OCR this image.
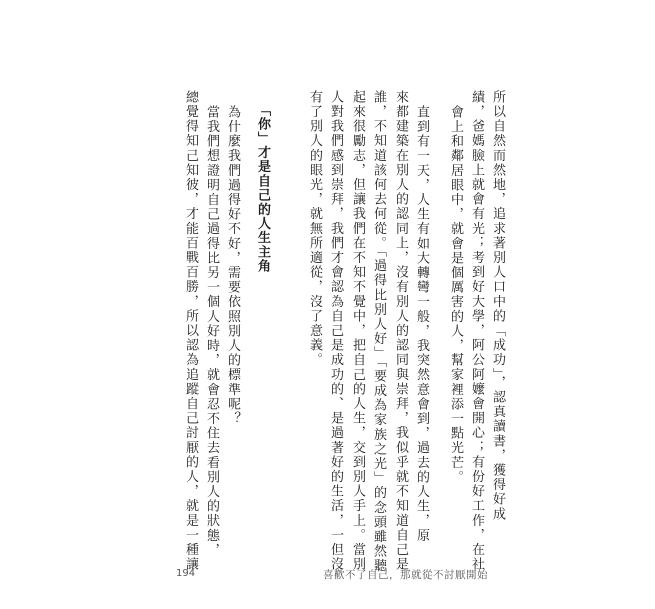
所以自然而然地，追求著別人口中的「成功」，認真讀書，獲得好成
績，爸媽臉上就會有光；考到好大學，阿公阿嬤會開心；有份好工作，在社
會上和鄰居眼中，就會是個厲害的人，幫家裡添一點光芒。
直到有一天，人生有如大轉彎一般，我突然意會到，過去的人生，原
來都建築在別人的認同上，沒有別人的認同與崇拜，我似乎就不知道自己是
誰，不知道該何去何從。「過得比別人好」「要成為家族之光」的念頭雖然聽
起來很勵志，但讓我們在不知不覺中，把自己的人生，交到別人手上。當別
人對我們感到崇拜，我們才會認為自己是成功的、是過著好的生活，一但沒
有了別人的眼光，就無所適從，沒了意義。
「你」才是自己的人生主角
為什麼我們過得好不好，需要依照別人的標準呢？
當我們想證明自己過得比另一個人好時，就會忍不住去看別人的狀態，
總覺得知己知彼，才能百戰百勝，所以認為追蹤自己討厭的人，就是一種讓
194	喜歡不了自己，那就從不討厭開始
